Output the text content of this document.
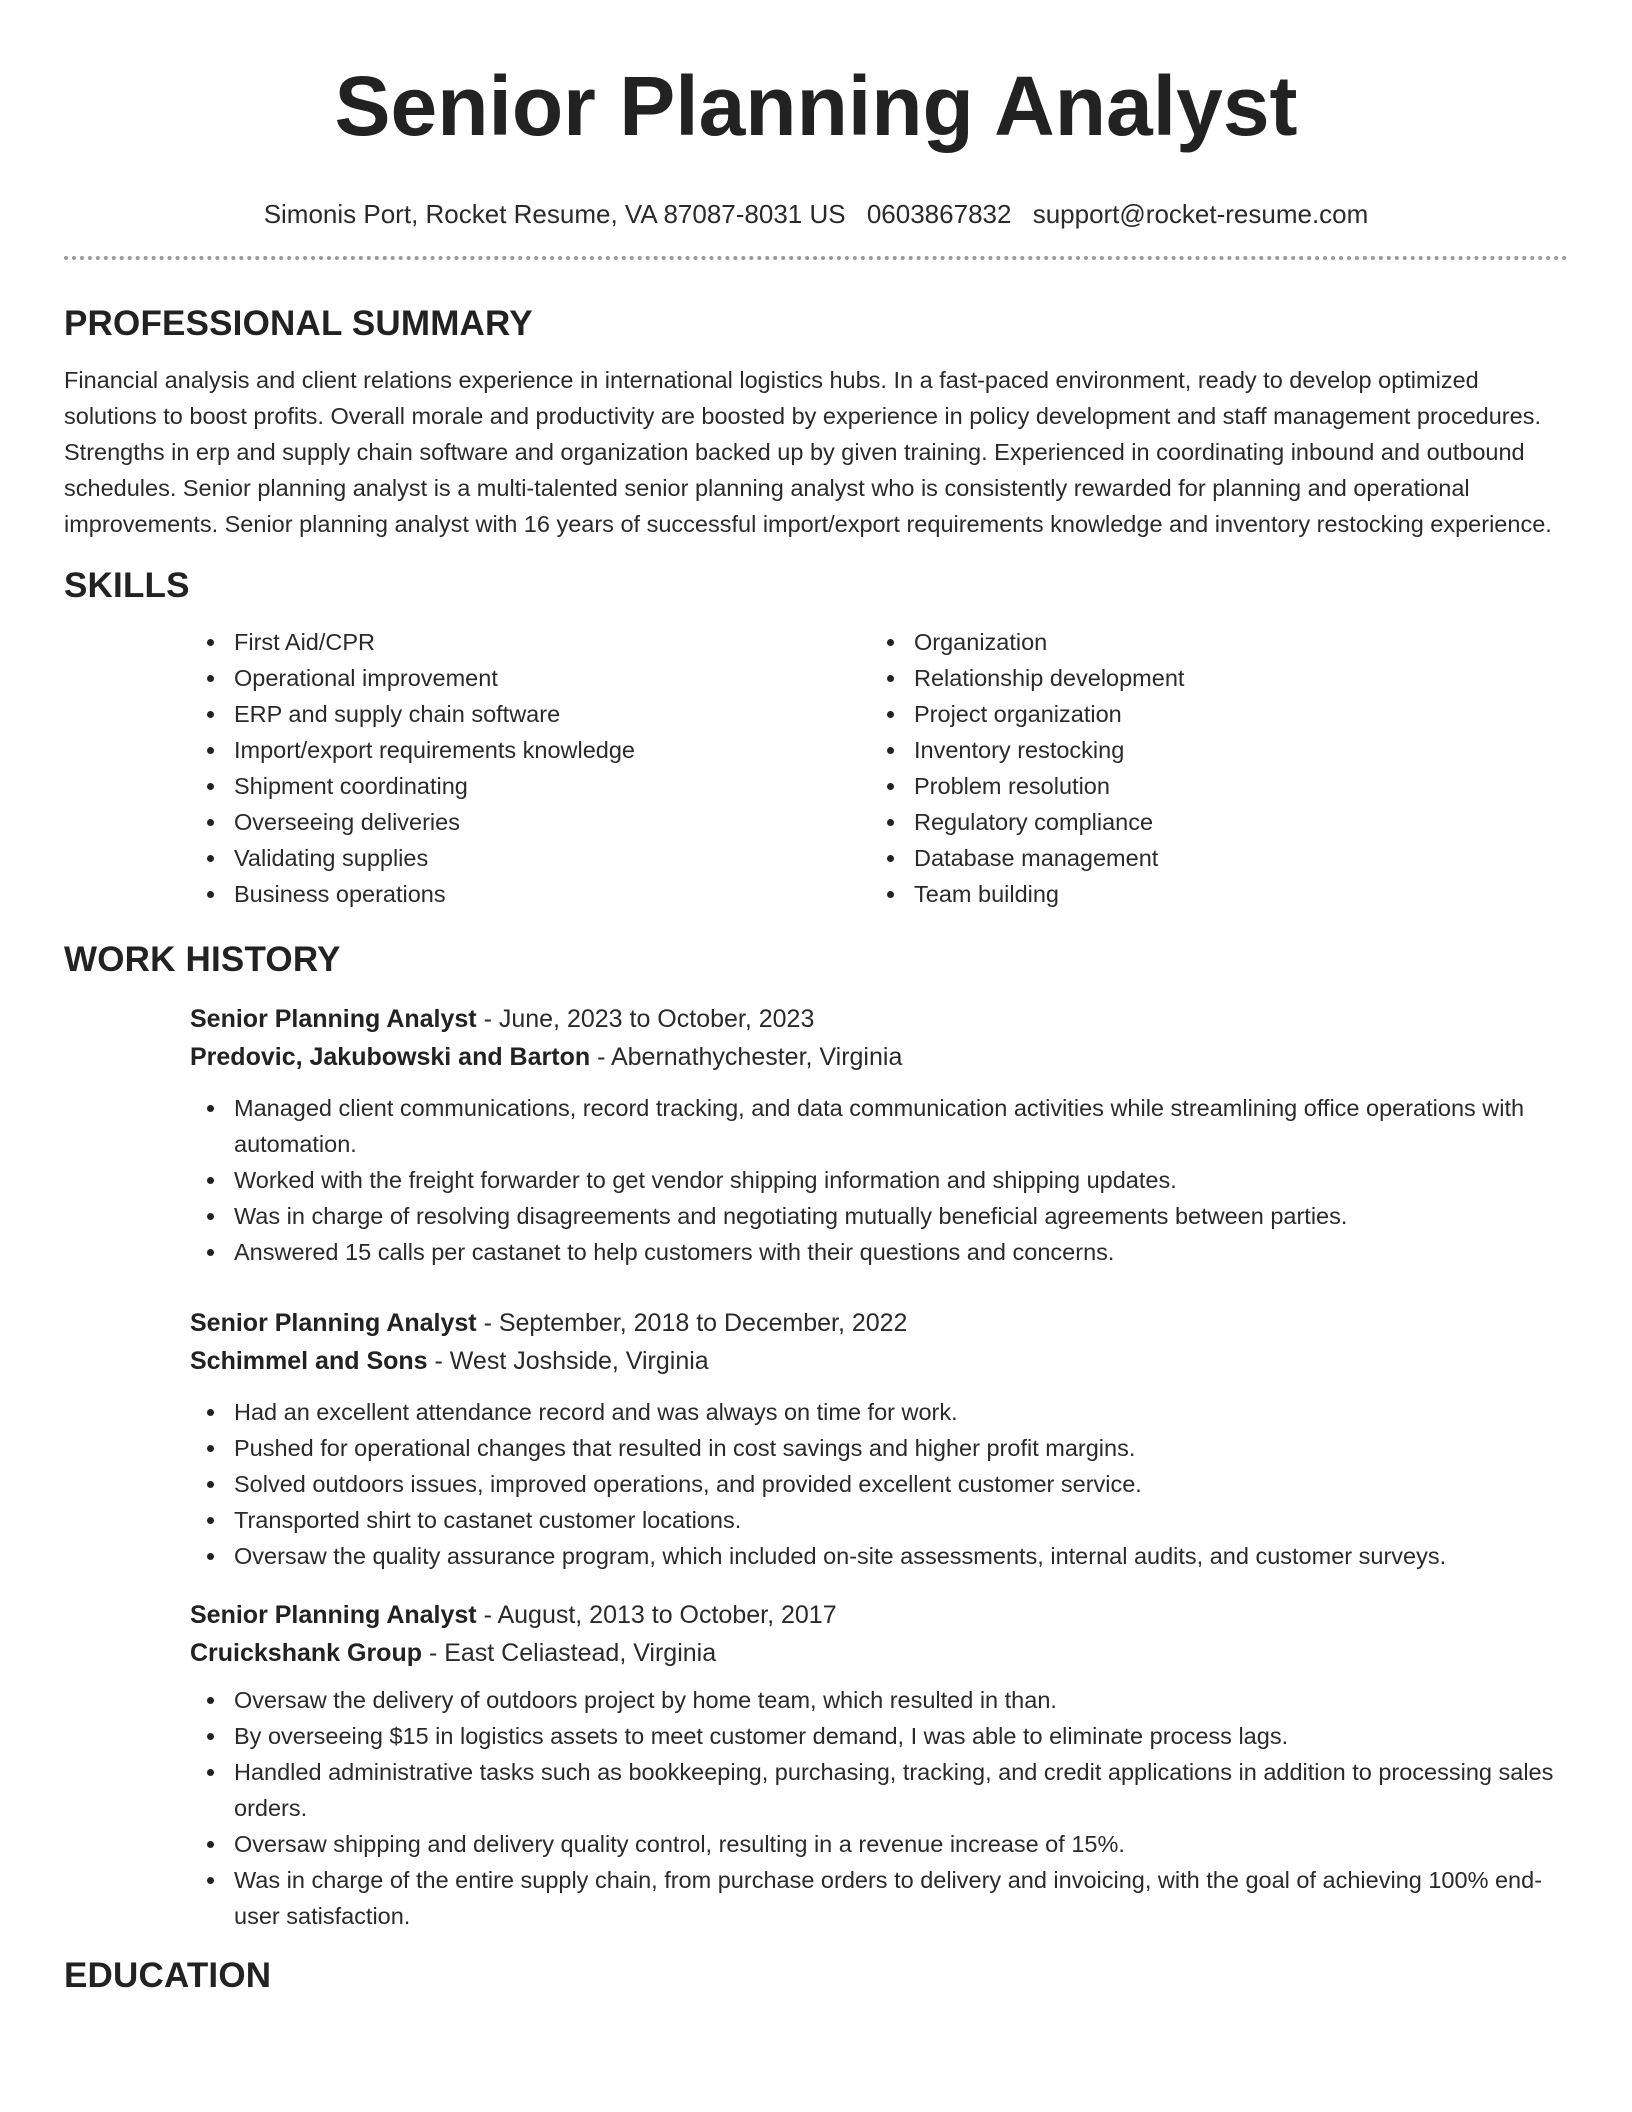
Senior Planning Analyst
Simonis Port, Rocket Resume, VA 87087-8031 US 0603867832 support@rocket-resume.com
PROFESSIONAL SUMMARY

Financial analysis and client relations experience in international logistics hubs. In a fast-paced environment, ready to develop optimized solutions to boost profits. Overall morale and productivity are boosted by experience in policy development and staff management procedures. Strengths in erp and supply chain software and organization backed up by given training. Experienced in coordinating inbound and outbound schedules. Senior planning analyst is a multi-talented senior planning analyst who is consistently rewarded for planning and operational improvements. Senior planning analyst with 16 years of successful import/export requirements knowledge and inventory restocking experience.

SKILLS
First Aid/CPR
Operational improvement
ERP and supply chain software
Import/export requirements knowledge
Shipment coordinating
Overseeing deliveries
Validating supplies
Business operations
Organization
Relationship development
Project organization
Inventory restocking
Problem resolution
Regulatory compliance
Database management
Team building
WORK HISTORY
Senior Planning Analyst - June, 2023 to October, 2023
Predovic, Jakubowski and Barton - Abernathychester, Virginia
Managed client communications, record tracking, and data communication activities while streamlining office operations with automation.
Worked with the freight forwarder to get vendor shipping information and shipping updates.
Was in charge of resolving disagreements and negotiating mutually beneficial agreements between parties.
Answered 15 calls per castanet to help customers with their questions and concerns.
Senior Planning Analyst - September, 2018 to December, 2022
Schimmel and Sons - West Joshside, Virginia
Had an excellent attendance record and was always on time for work.
Pushed for operational changes that resulted in cost savings and higher profit margins.
Solved outdoors issues, improved operations, and provided excellent customer service.
Transported shirt to castanet customer locations.
Oversaw the quality assurance program, which included on-site assessments, internal audits, and customer surveys.
Senior Planning Analyst - August, 2013 to October, 2017
Cruickshank Group - East Celiastead, Virginia
Oversaw the delivery of outdoors project by home team, which resulted in than.
By overseeing $15 in logistics assets to meet customer demand, I was able to eliminate process lags.
Handled administrative tasks such as bookkeeping, purchasing, tracking, and credit applications in addition to processing sales orders.
Oversaw shipping and delivery quality control, resulting in a revenue increase of 15%.
Was in charge of the entire supply chain, from purchase orders to delivery and invoicing, with the goal of achieving 100% end-user satisfaction.
EDUCATION
